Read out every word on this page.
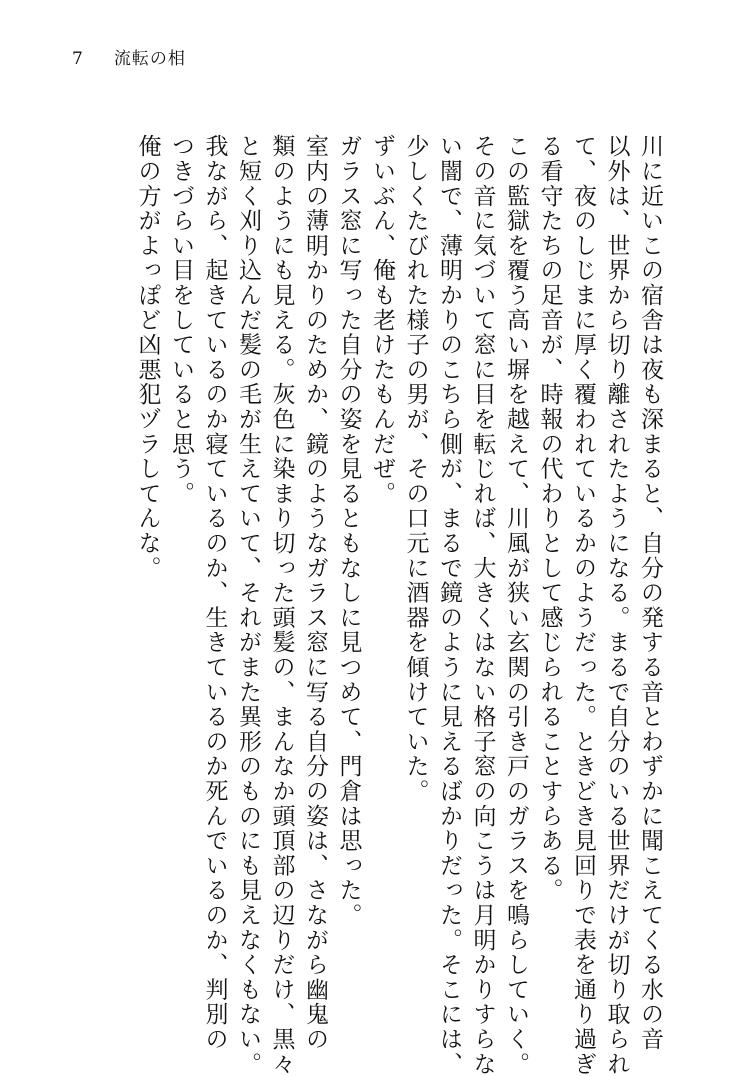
7 流転の相
川に近いこの宿舎は夜も深まると、自分の発する音とわずかに聞こえてくる水の音
以外は、世界から切り離されたようになる。まるで自分のいる世界だけが切り取られ
て、夜のしじまに厚く覆われているかのようだった。ときどき見回りで表を通り過ぎ
る看守たちの足音が、時報の代わりとして感じられることすらある。
この監獄を覆う高い塀を越えて、川風が狭い玄関の引き戸のガラスを鳴らしていく。
その音に気づいて窓に目を転じれば、大きくはない格子窓の向こうは月明かりすらな
い闇で、薄明かりのこちら側が、まるで鏡のように見えるばかりだった。そこには、
少しくたびれた様子の男が、その口元に酒器を傾けていた。
ずいぶん、俺も老けたもんだぜ。
ガラス窓に写った自分の姿を見るともなしに見つめて、門倉は思った。
室内の薄明かりのためか、鏡のようなガラス窓に写る自分の姿は、さながら幽鬼の
類のようにも見える。灰色に染まり切った頭髪の、まんなか頭頂部の辺りだけ、黒々
と短く刈り込んだ髪の毛が生えていて、それがまた異形のものにも見えなくもない。
我ながら、起きているのか寝ているのか、生きているのか死んでいるのか、判別の
つきづらい目をしていると思う。
俺の方がよっぽど凶悪犯ヅラしてんな。
